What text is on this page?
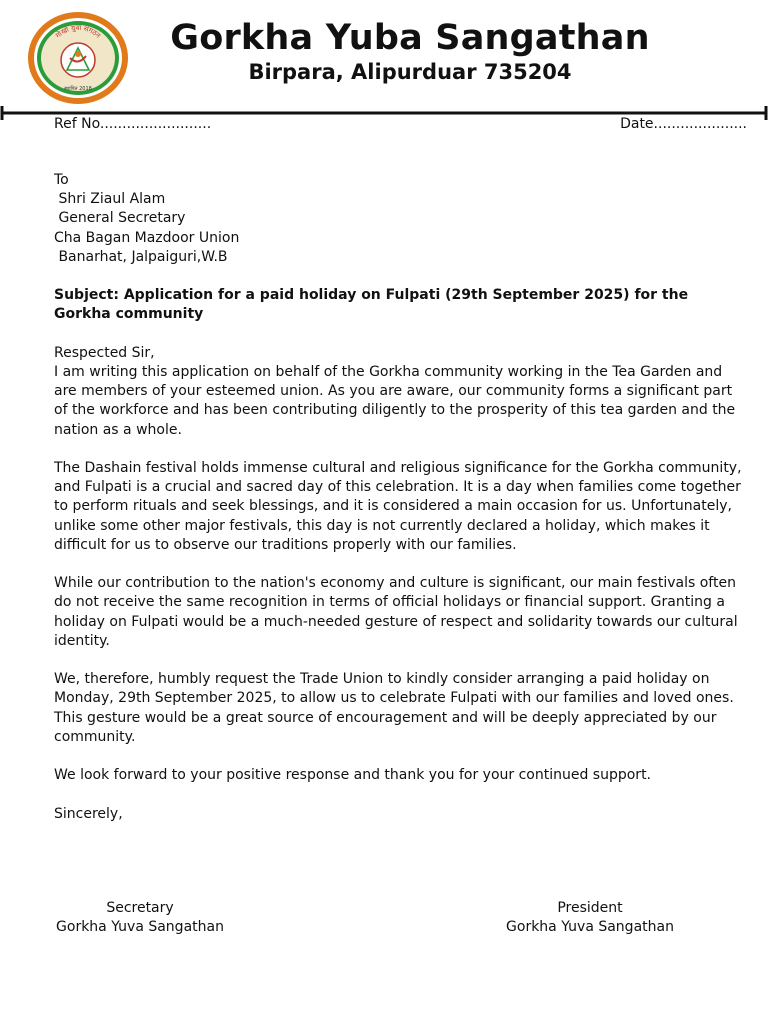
गोर्खा युवा संगठन
स्थापित 2018
Gorkha Yuba Sangathan
Birpara, Alipurduar 735204
Ref No.........................	Date.....................

To

Shri Ziaul Alam

General Secretary

Cha Bagan Mazdoor Union

Banarhat, Jalpaiguri,W.B

Subject: Application for a paid holiday on Fulpati (29th September 2025) for the Gorkha community

Respected Sir,

I am writing this application on behalf of the Gorkha community working in the Tea Garden and are members of your esteemed union. As you are aware, our community forms a significant part of the workforce and has been contributing diligently to the prosperity of this tea garden and the nation as a whole.

The Dashain festival holds immense cultural and religious significance for the Gorkha community, and Fulpati is a crucial and sacred day of this celebration. It is a day when families come together to perform rituals and seek blessings, and it is considered a main occasion for us. Unfortunately, unlike some other major festivals, this day is not currently declared a holiday, which makes it difficult for us to observe our traditions properly with our families.

While our contribution to the nation's economy and culture is significant, our main festivals often do not receive the same recognition in terms of official holidays or financial support. Granting a holiday on Fulpati would be a much-needed gesture of respect and solidarity towards our cultural identity.

We, therefore, humbly request the Trade Union to kindly consider arranging a paid holiday on Monday, 29th September 2025, to allow us to celebrate Fulpati with our families and loved ones. This gesture would be a great source of encouragement and will be deeply appreciated by our community.

We look forward to your positive response and thank you for your continued support.

Sincerely,

Secretary
Gorkha Yuva Sangathan
President
Gorkha Yuva Sangathan
